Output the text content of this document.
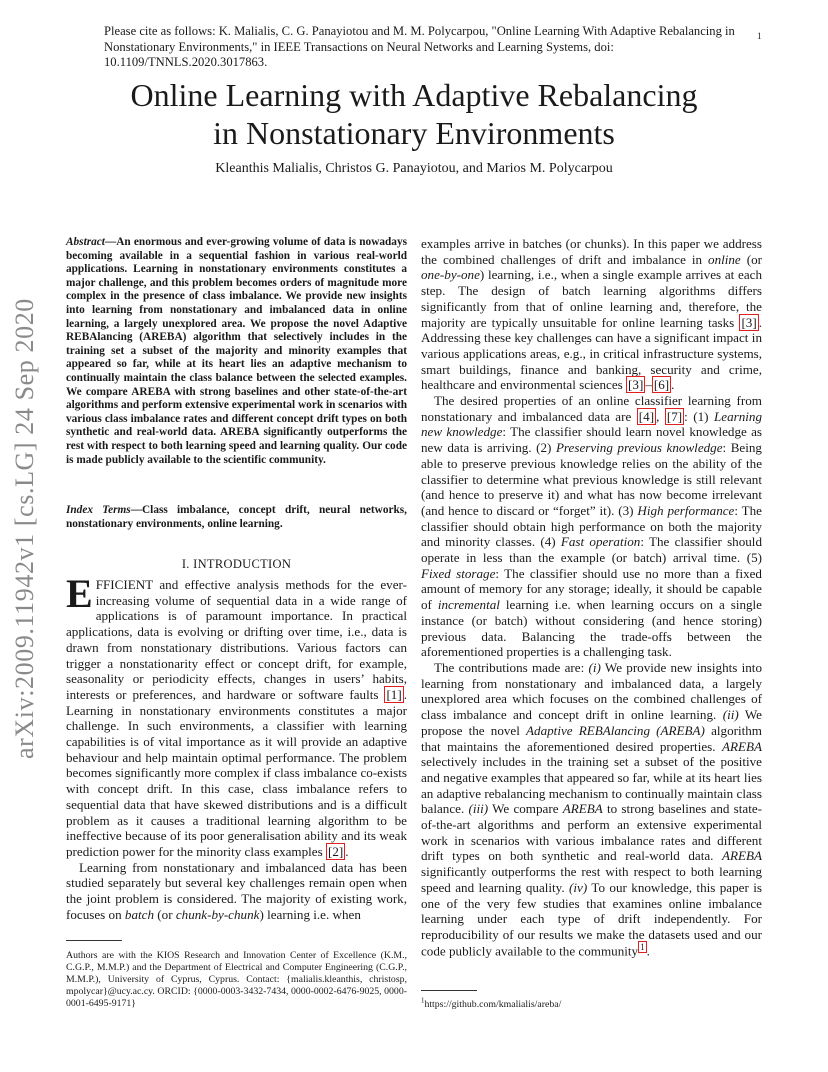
Please cite as follows: K. Malialis, C. G. Panayiotou and M. M. Polycarpou, "Online Learning With Adaptive Rebalancing in Nonstationary Environments," in IEEE Transactions on Neural Networks and Learning Systems, doi: 10.1109/TNNLS.2020.3017863.

1
arXiv:2009.11942v1 [cs.LG] 24 Sep 2020
Online Learning with Adaptive Rebalancing
in Nonstationary Environments

Kleanthis Malialis, Christos G. Panayiotou, and Marios M. Polycarpou

Abstract—An enormous and ever-growing volume of data is nowadays becoming available in a sequential fashion in various real-world applications. Learning in nonstationary environments constitutes a major challenge, and this problem becomes orders of magnitude more complex in the presence of class imbalance. We provide new insights into learning from nonstationary and imbalanced data in online learning, a largely unexplored area. We propose the novel Adaptive REBAlancing (AREBA) algorithm that selectively includes in the training set a subset of the majority and minority examples that appeared so far, while at its heart lies an adaptive mechanism to continually maintain the class balance between the selected examples. We compare AREBA with strong baselines and other state-of-the-art algorithms and perform extensive experimental work in scenarios with various class imbalance rates and different concept drift types on both synthetic and real-world data. AREBA significantly outperforms the rest with respect to both learning speed and learning quality. Our code is made publicly available to the scientific community.

Index Terms—Class imbalance, concept drift, neural networks, nonstationary environments, online learning.

I. INTRODUCTION

EFFICIENT and effective analysis methods for the ever-increasing volume of sequential data in a wide range of applications is of paramount importance. In practical applications, data is evolving or drifting over time, i.e., data is drawn from nonstationary distributions. Various factors can trigger a nonstationarity effect or concept drift, for example, seasonality or periodicity effects, changes in users’ habits, interests or preferences, and hardware or software faults [1] . Learning in nonstationary environments constitutes a major challenge. In such environments, a classifier with learning capabilities is of vital importance as it will provide an adaptive behaviour and help maintain optimal performance. The problem becomes significantly more complex if class imbalance co-exists with concept drift. In this case, class imbalance refers to sequential data that have skewed distributions and is a difficult problem as it causes a traditional learning algorithm to be ineffective because of its poor generalisation ability and its weak prediction power for the minority class examples [2] .

Learning from nonstationary and imbalanced data has been studied separately but several key challenges remain open when the joint problem is considered. The majority of existing work, focuses on batch (or chunk-by-chunk) learning i.e. when

examples arrive in batches (or chunks). In this paper we address the combined challenges of drift and imbalance in online (or one-by-one) learning, i.e., when a single example arrives at each step. The design of batch learning algorithms differs significantly from that of online learning and, therefore, the majority are typically unsuitable for online learning tasks [3] . Addressing these key challenges can have a significant impact in various applications areas, e.g., in critical infrastructure systems, smart buildings, finance and banking, security and crime, healthcare and environmental sciences [3] – [6] .

The desired properties of an online classifier learning from nonstationary and imbalanced data are [4] , [7] : (1) Learning new knowledge: The classifier should learn novel knowledge as new data is arriving. (2) Preserving previous knowledge: Being able to preserve previous knowledge relies on the ability of the classifier to determine what previous knowledge is still relevant (and hence to preserve it) and what has now become irrelevant (and hence to discard or “forget” it). (3) High performance: The classifier should obtain high performance on both the majority and minority classes. (4) Fast operation: The classifier should operate in less than the example (or batch) arrival time. (5) Fixed storage: The classifier should use no more than a fixed amount of memory for any storage; ideally, it should be capable of incremental learning i.e. when learning occurs on a single instance (or batch) without considering (and hence storing) previous data. Balancing the trade-offs between the aforementioned properties is a challenging task.

The contributions made are: (i) We provide new insights into learning from nonstationary and imbalanced data, a largely unexplored area which focuses on the combined challenges of class imbalance and concept drift in online learning. (ii) We propose the novel Adaptive REBAlancing (AREBA) algorithm that maintains the aforementioned desired properties. AREBA selectively includes in the training set a subset of the positive and negative examples that appeared so far, while at its heart lies an adaptive rebalancing mechanism to continually maintain class balance. (iii) We compare AREBA to strong baselines and state-of-the-art algorithms and perform an extensive experimental work in scenarios with various imbalance rates and different drift types on both synthetic and real-world data. AREBA significantly outperforms the rest with respect to both learning speed and learning quality. (iv) To our knowledge, this paper is one of the very few studies that examines online imbalance learning under each type of drift independently. For reproducibility of our results we make the datasets used and our code publicly available to the community $^1$ .

Authors are with the KIOS Research and Innovation Center of Excellence (K.M., C.G.P., M.M.P.) and the Department of Electrical and Computer Engineering (C.G.P., M.M.P.), University of Cyprus, Cyprus. Contact: {malialis.kleanthis, christosp, mpolycar}@ucy.ac.cy. ORCID: {0000-0003-3432-7434, 0000-0002-6476-9025, 0000-0001-6495-9171}	$^1$https://github.com/kmalialis/areba/
